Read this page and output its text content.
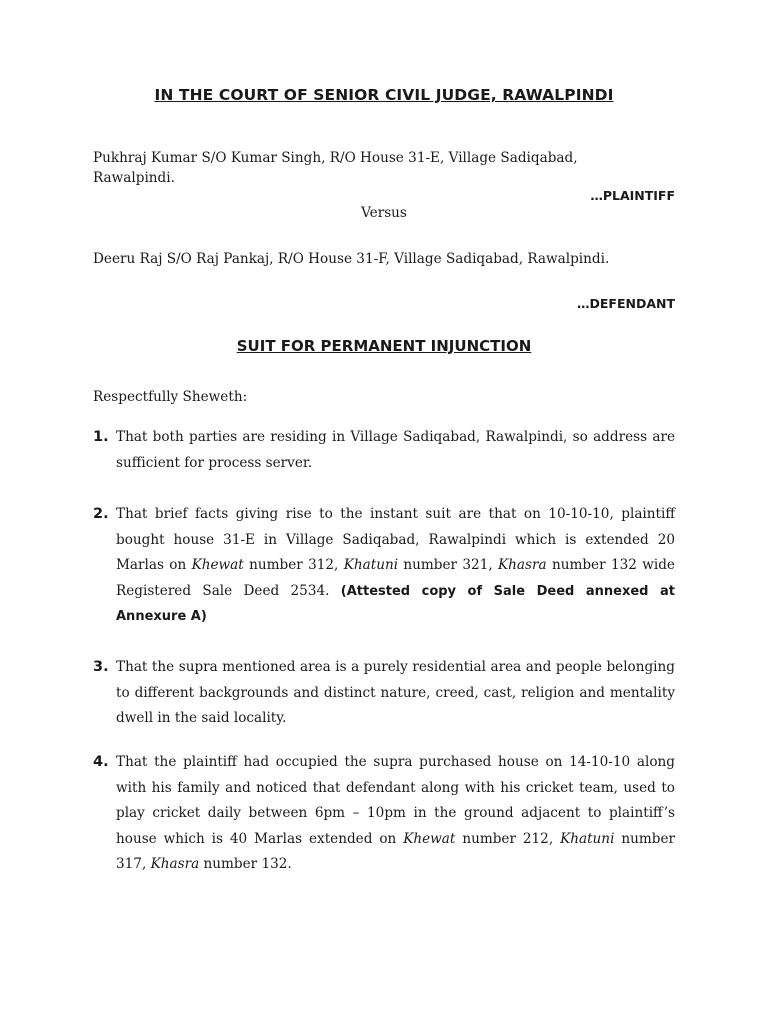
IN THE COURT OF SENIOR CIVIL JUDGE, RAWALPINDI
Pukhraj Kumar S/O Kumar Singh, R/O House 31-E, Village Sadiqabad,
Rawalpindi.
…PLAINTIFF
Versus
Deeru Raj S/O Raj Pankaj, R/O House 31-F, Village Sadiqabad, Rawalpindi.
…DEFENDANT
SUIT FOR PERMANENT INJUNCTION
Respectfully Sheweth:
1. That both parties are residing in Village Sadiqabad, Rawalpindi, so address are sufficient for process server.
2. That brief facts giving rise to the instant suit are that on 10-10-10, plaintiff bought house 31-E in Village Sadiqabad, Rawalpindi which is extended 20 Marlas on Khewat number 312, Khatuni number 321, Khasra number 132 wide Registered Sale Deed 2534. (Attested copy of Sale Deed annexed at Annexure A)
3. That the supra mentioned area is a purely residential area and people belonging to different backgrounds and distinct nature, creed, cast, religion and mentality dwell in the said locality.
4. That the plaintiff had occupied the supra purchased house on 14-10-10 along with his family and noticed that defendant along with his cricket team, used to play cricket daily between 6pm – 10pm in the ground adjacent to plaintiff’s house which is 40 Marlas extended on Khewat number 212, Khatuni number 317, Khasra number 132.
